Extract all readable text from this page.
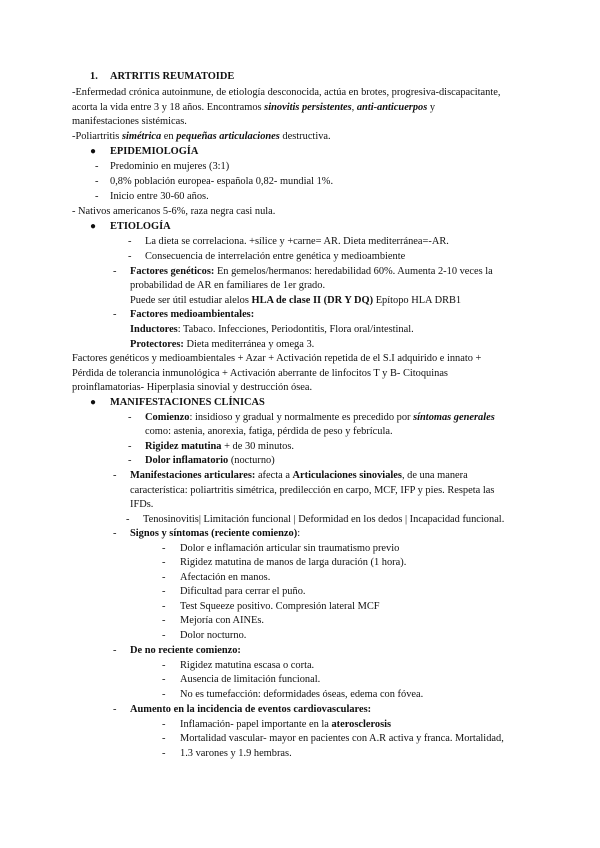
1. ARTRITIS REUMATOIDE
-Enfermedad crónica autoinmune, de etiología desconocida, actúa en brotes, progresiva-discapacitante,
acorta la vida entre 3 y 18 años. Encontramos sinovitis persistentes, anti-anticuerpos y
manifestaciones sistémicas.
-Poliartritis simétrica en pequeñas articulaciones destructiva.
● EPIDEMIOLOGÍA
- Predominio en mujeres (3:1)
- 0,8% población europea- española 0,82- mundial 1%.
- Inicio entre 30-60 años.
- Nativos americanos 5-6%, raza negra casi nula.
● ETIOLOGÍA
- La dieta se correlaciona. +sílice y +carne= AR. Dieta mediterránea=-AR.
- Consecuencia de interrelación entre genética y medioambiente
- Factores genéticos: En gemelos/hermanos: heredabilidad 60%. Aumenta 2-10 veces la
probabilidad de AR en familiares de 1er grado.
Puede ser útil estudiar alelos HLA de clase II (DR Y DQ) Epítopo HLA DRB1
- Factores medioambientales:
Inductores: Tabaco. Infecciones, Periodontitis, Flora oral/intestinal.
Protectores: Dieta mediterránea y omega 3.
Factores genéticos y medioambientales + Azar + Activación repetida de el S.I adquirido e innato +
Pérdida de tolerancia inmunológica + Activación aberrante de linfocitos T y B- Citoquinas
proinflamatorias- Hiperplasia sinovial y destrucción ósea.
● MANIFESTACIONES CLÍNICAS
- Comienzo: insidioso y gradual y normalmente es precedido por síntomas generales
como: astenia, anorexia, fatiga, pérdida de peso y febrícula.
- Rigidez matutina + de 30 minutos.
- Dolor inflamatorio (nocturno)
- Manifestaciones articulares: afecta a Articulaciones sinoviales, de una manera
característica: poliartritis simétrica, predilección en carpo, MCF, IFP y pies. Respeta las
IFDs.
- Tenosinovitis| Limitación funcional | Deformidad en los dedos | Incapacidad funcional.
- Signos y síntomas (reciente comienzo):
- Dolor e inflamación articular sin traumatismo previo
- Rigidez matutina de manos de larga duración (1 hora).
- Afectación en manos.
- Dificultad para cerrar el puño.
- Test Squeeze positivo. Compresión lateral MCF
- Mejoría con AINEs.
- Dolor nocturno.
- De no reciente comienzo:
- Rigidez matutina escasa o corta.
- Ausencia de limitación funcional.
- No es tumefacción: deformidades óseas, edema con fóvea.
- Aumento en la incidencia de eventos cardiovasculares:
- Inflamación- papel importante en la aterosclerosis
- Mortalidad vascular- mayor en pacientes con A.R activa y franca. Mortalidad,
- 1.3 varones y 1.9 hembras.
